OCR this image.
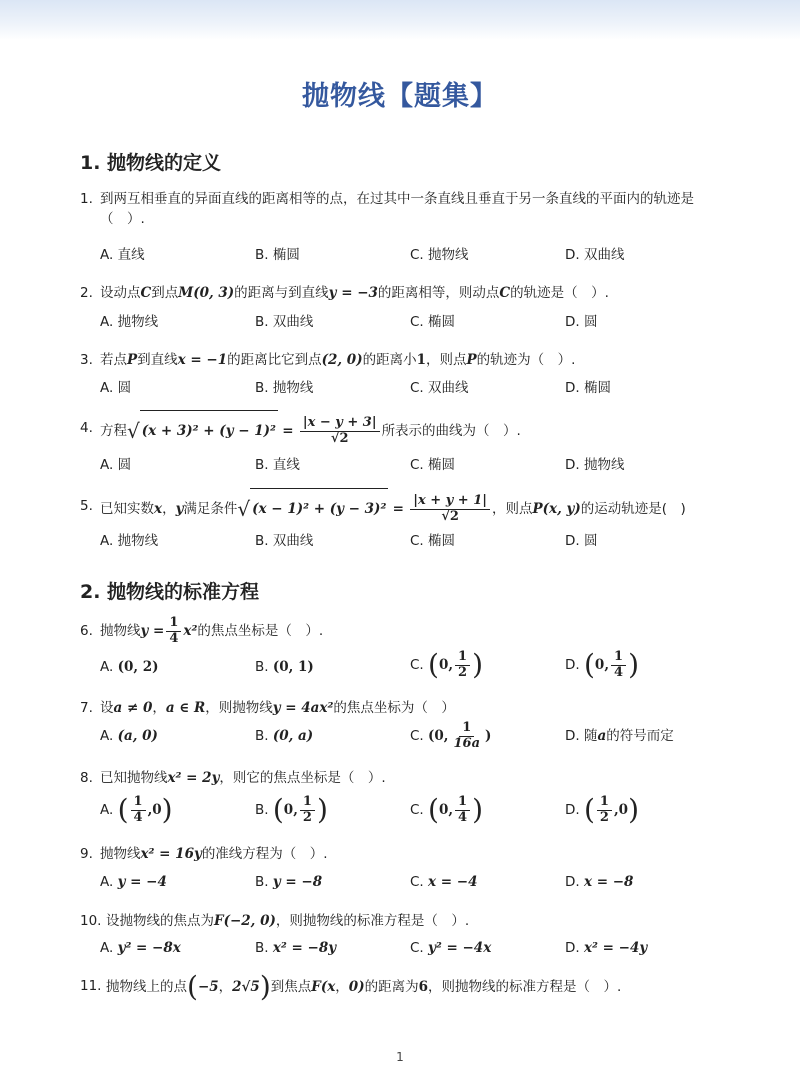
抛物线【题集】
1. 抛物线的定义
1. 到两互相垂直的异面直线的距离相等的点，在过其中一条直线且垂直于另一条直线的平面内的轨迹是（　）.
A. 直线	B. 椭圆	C. 抛物线	D. 双曲线
2. 设动点C到点M(0, 3)的距离与到直线y = −3的距离相等，则动点C的轨迹是（　）.
A. 抛物线	B. 双曲线	C. 椭圆	D. 圆
3. 若点P到直线x = −1的距离比它到点(2, 0)的距离小1，则点P的轨迹为（　）.
A. 圆	B. 抛物线	C. 双曲线	D. 椭圆
4. 方程√ $(x + 3)^2 + (y - 1)^2 = \frac{|x - y + 3|}{√2}$ 所表示的曲线为（　）.
A. 圆	B. 直线	C. 椭圆	D. 抛物线
5. 已知实数x，y满足条件√ $(x - 1)^2 + (y - 3)^2 = \frac{|x + y + 1|}{√2}$ ，则点P(x, y)的运动轨迹是(　)
A. 抛物线	B. 双曲线	C. 椭圆	D. 圆
2. 抛物线的标准方程
6. 抛物线$y = \frac{1}{4} x^2$的焦点坐标是（　）.
A. (0, 2)	B. (0, 1)	C. (0, $\frac{1}{2}$ )	D. (0, $\frac{1}{4}$ )
7. 设a ≠ 0，a ∈ R，则抛物线y = 4ax²的焦点坐标为（　）
A. (a, 0)	B. (0, a)	C. (0, $\frac{1}{16a}$ )	D. 随a的符号而定
8. 已知抛物线x² = 2y，则它的焦点坐标是（　）.
A. ( $\frac{1}{4} ,0$)	B. (0, $\frac{1}{2}$ )	C. (0, $\frac{1}{4}$ )	D. ( $\frac{1}{2} ,0$)
9. 抛物线x² = 16y的准线方程为（　）.
A. y = −4	B. y = −8	C. x = −4	D. x = −8
10. 设抛物线的焦点为F(−2, 0)，则抛物线的标准方程是（　）.
A. y² = −8x	B. x² = −8y	C. y² = −4x	D. x² = −4y
11. 抛物线上的点(−5，2√5)到焦点F(x，0)的距离为6，则抛物线的标准方程是（　）.
1
